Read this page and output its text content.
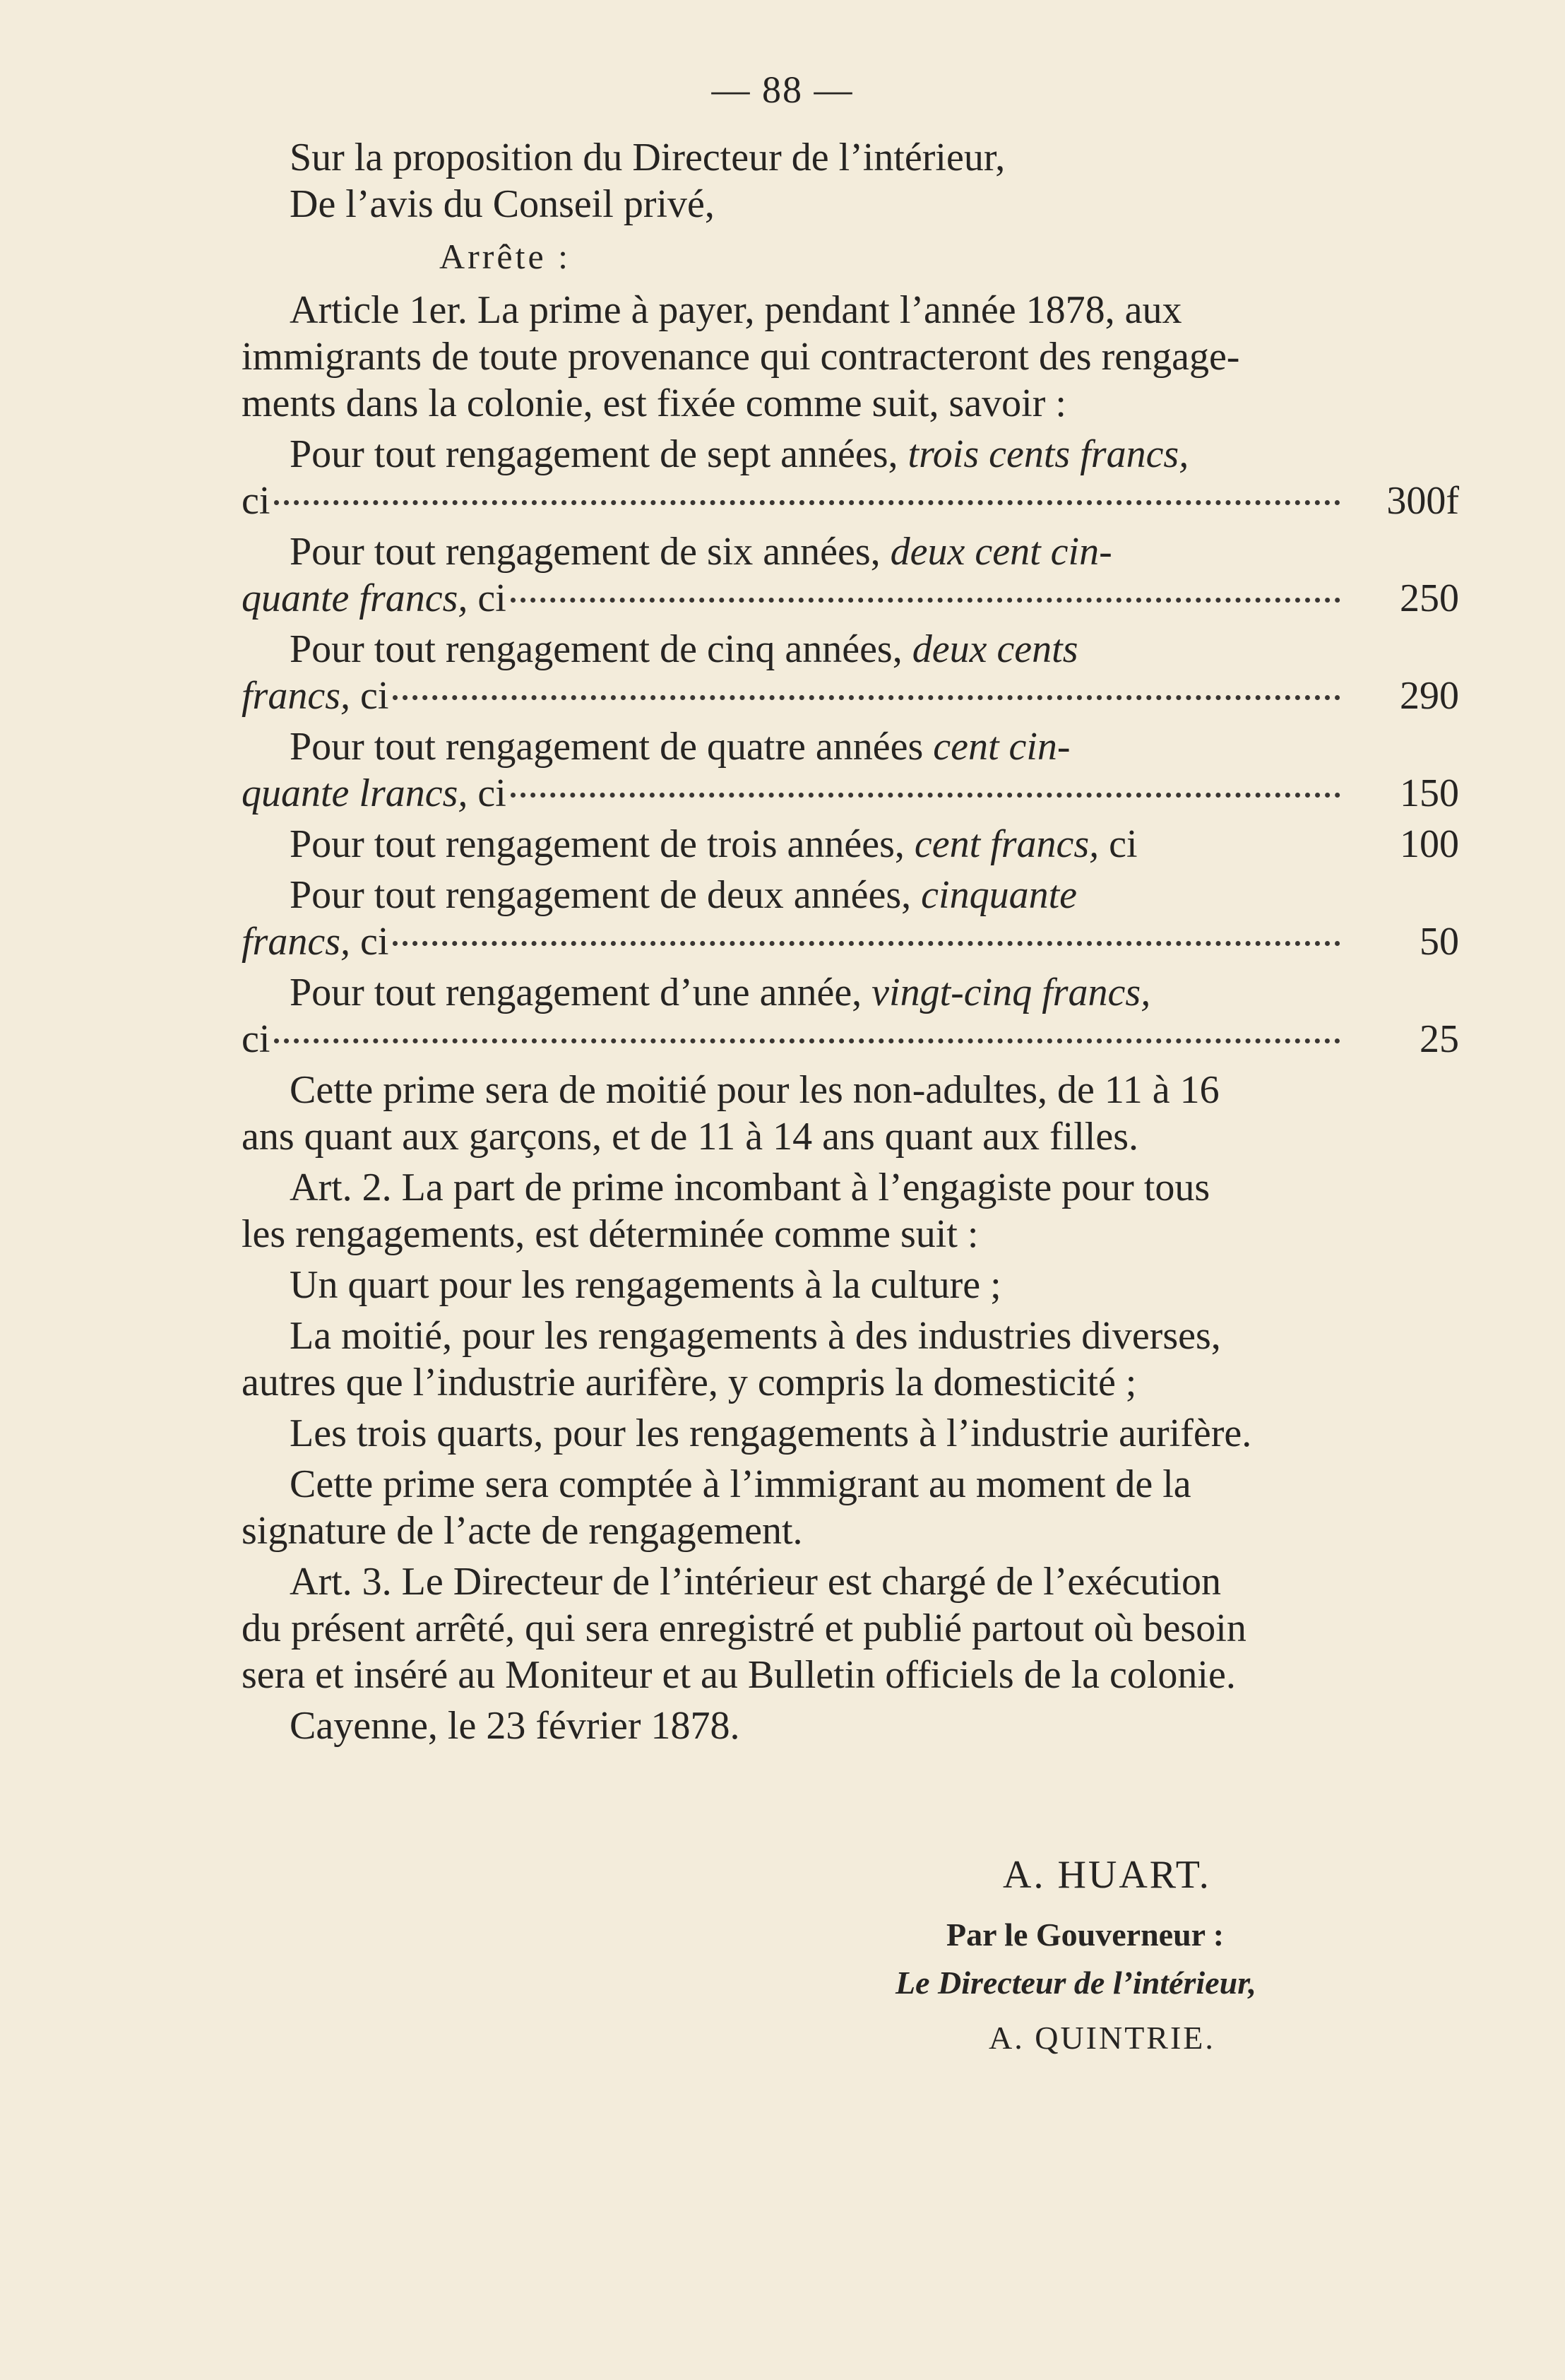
— 88 —
Sur la proposition du Directeur de l’intérieur,
De l’avis du Conseil privé,
Arrête :
Article 1er. La prime à payer, pendant l’année 1878, aux
immigrants de toute provenance qui contracteront des rengage-
ments dans la colonie, est fixée comme suit, savoir :
Pour tout rengagement de sept années, trois cents francs,
ci	300f
Pour tout rengagement de six années, deux cent cin-
quante francs, ci	250
Pour tout rengagement de cinq années, deux cents
francs, ci	290
Pour tout rengagement de quatre années cent cin-
quante lrancs, ci	150
Pour tout rengagement de trois années, cent francs, ci	100
Pour tout rengagement de deux années, cinquante
francs, ci	50
Pour tout rengagement d’une année, vingt-cinq francs,
ci	25
Cette prime sera de moitié pour les non-adultes, de 11 à 16
ans quant aux garçons, et de 11 à 14 ans quant aux filles.
Art. 2. La part de prime incombant à l’engagiste pour tous
les rengagements, est déterminée comme suit :
Un quart pour les rengagements à la culture ;
La moitié, pour les rengagements à des industries diverses,
autres que l’industrie aurifère, y compris la domesticité ;
Les trois quarts, pour les rengagements à l’industrie aurifère.
Cette prime sera comptée à l’immigrant au moment de la
signature de l’acte de rengagement.
Art. 3. Le Directeur de l’intérieur est chargé de l’exécution
du présent arrêté, qui sera enregistré et publié partout où besoin
sera et inséré au Moniteur et au Bulletin officiels de la colonie.
Cayenne, le 23 février 1878.
A. HUART.
Par le Gouverneur :
Le Directeur de l’intérieur,
A. QUINTRIE.
